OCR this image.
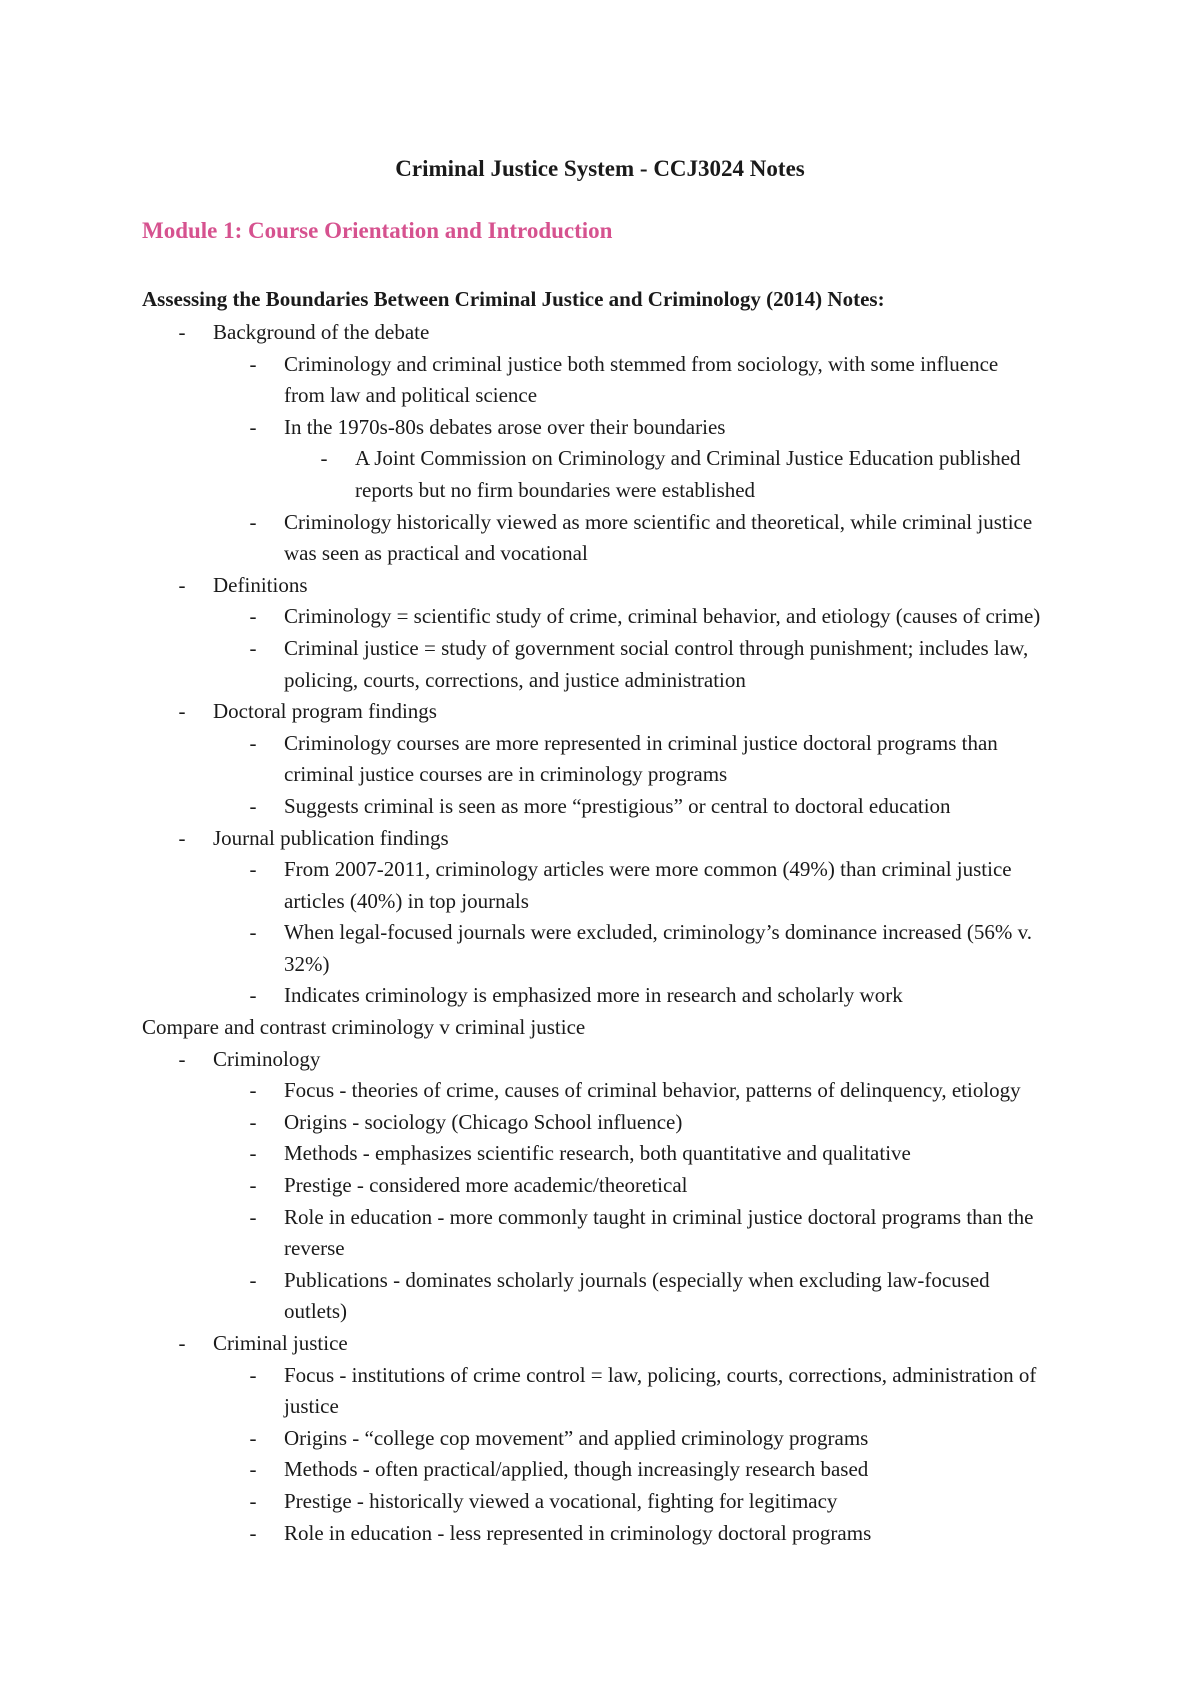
Criminal Justice System - CCJ3024 Notes
Module 1: Course Orientation and Introduction
Assessing the Boundaries Between Criminal Justice and Criminology (2014) Notes:
-	Background of the debate
-	Criminology and criminal justice both stemmed from sociology, with some influence
from law and political science
-	In the 1970s-80s debates arose over their boundaries
-	A Joint Commission on Criminology and Criminal Justice Education published
reports but no firm boundaries were established
-	Criminology historically viewed as more scientific and theoretical, while criminal justice
was seen as practical and vocational
-	Definitions
-	Criminology = scientific study of crime, criminal behavior, and etiology (causes of crime)
-	Criminal justice = study of government social control through punishment; includes law,
policing, courts, corrections, and justice administration
-	Doctoral program findings
-	Criminology courses are more represented in criminal justice doctoral programs than
criminal justice courses are in criminology programs
-	Suggests criminal is seen as more “prestigious” or central to doctoral education
-	Journal publication findings
-	From 2007-2011, criminology articles were more common (49%) than criminal justice
articles (40%) in top journals
-	When legal-focused journals were excluded, criminology’s dominance increased (56% v.
32%)
-	Indicates criminology is emphasized more in research and scholarly work
Compare and contrast criminology v criminal justice
-	Criminology
-	Focus - theories of crime, causes of criminal behavior, patterns of delinquency, etiology
-	Origins - sociology (Chicago School influence)
-	Methods - emphasizes scientific research, both quantitative and qualitative
-	Prestige - considered more academic/theoretical
-	Role in education - more commonly taught in criminal justice doctoral programs than the
reverse
-	Publications - dominates scholarly journals (especially when excluding law-focused
outlets)
-	Criminal justice
-	Focus - institutions of crime control = law, policing, courts, corrections, administration of
justice
-	Origins - “college cop movement” and applied criminology programs
-	Methods - often practical/applied, though increasingly research based
-	Prestige - historically viewed a vocational, fighting for legitimacy
-	Role in education - less represented in criminology doctoral programs
